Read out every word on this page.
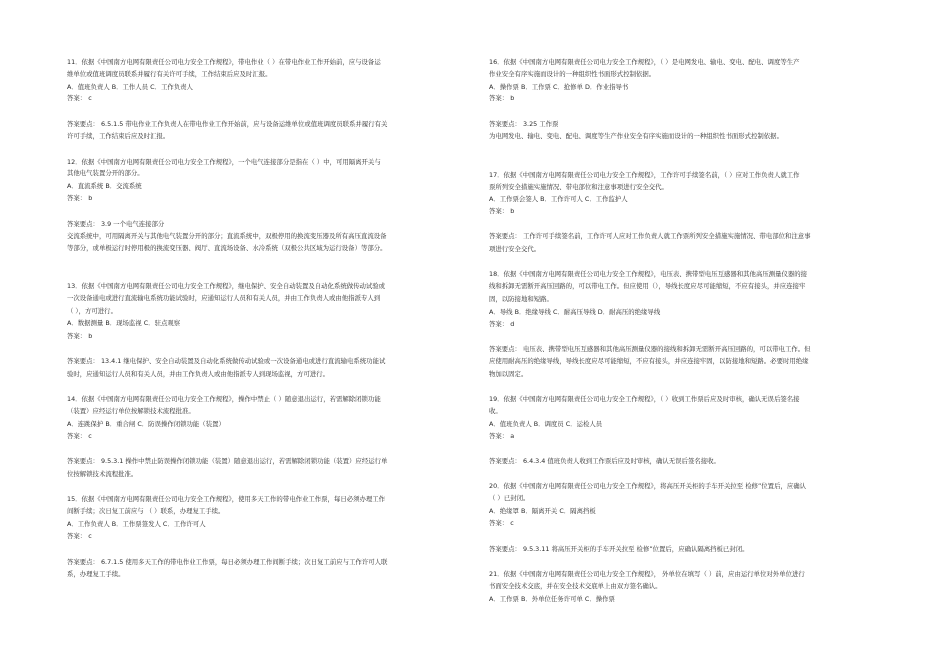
11．依据《中国南方电网有限责任公司电力安全工作规程》，带电作业（ ）在带电作业工作开始前，应与设备运
维单位或值班调度员联系并履行有关许可手续，工作结束后应及时汇报。
A．值班负责人 B．工作人员 C．工作负责人
答案： c
答案要点： 6.5.1.5 带电作业工作负责人在带电作业工作开始前，应与设备运维单位或值班调度员联系并履行有关
许可手续，工作结束后应及时汇报。
12．依据《中国南方电网有限责任公司电力安全工作规程》，一个电气连接部分是指在（ ）中，可用隔离开关与
其他电气装置分开的部分。
A．直流系统 B．交流系统
答案： b
答案要点： 3.9 一个电气连接部分
交流系统中，可用隔离开关与其他电气装置分开的部分；直流系统中，双极停用的换流变压器及所有高压直流设备
等部分，或单极运行时停用极的换流变压器、阀厅、直流场设备、水冷系统（双极公共区域为运行设备）等部分。
13．依据《中国南方电网有限责任公司电力安全工作规程》，继电保护、安全自动装置及自动化系统做传动试验或
一次设备通电或进行直流输电系统功能试验时，应通知运行人员和有关人员，并由工作负责人或由他指派专人到
（ ），方可进行。
A．数据测量 B．现场监视 C．驻点观察
答案： b
答案要点： 13.4.1 继电保护、安全自动装置及自动化系统做传动试验或一次设备通电或进行直流输电系统功能试
验时，应通知运行人员和有关人员，并由工作负责人或由他指派专人到现场监视，方可进行。
14．依据《中国南方电网有限责任公司电力安全工作规程》，操作中禁止（ ）随意退出运行，若需解除闭锁功能
（装置）应经运行单位按解锁技术流程批准。
A．连跳保护 B．重合闸 C．防误操作闭锁功能（装置）
答案： c
答案要点： 9.5.3.1 操作中禁止防误操作闭锁功能（装置）随意退出运行，若需解除闭锁功能（装置）应经运行单
位按解锁技术流程批准。
15．依据《中国南方电网有限责任公司电力安全工作规程》，使用多天工作的带电作业工作票，每日必须办理工作
间断手续；次日复工前应与 （ ）联系，办理复工手续。
A．工作负责人 B．工作票签发人 C．工作许可人
答案： c
答案要点： 6.7.1.5 使用多天工作的带电作业工作票，每日必须办理工作间断手续；次日复工前应与工作许可人联
系，办理复工手续。
16．依据《中国南方电网有限责任公司电力安全工作规程》，（ ）是电网发电、输电、变电、配电、调度等生产
作业安全有序实施而设计的一种组织性书面形式控制依据。
A．操作票 B．工作票 C．抢修单 D．作业指导书
答案： b
答案要点： 3.25 工作票
为电网发电、输电、变电、配电、调度等生产作业安全有序实施而设计的一种组织性书面形式控制依据。
17．依据《中国南方电网有限责任公司电力安全工作规程》，工作许可手续签名前，（ ）应对工作负责人就工作
票所列安全措施实施情况、带电部位和注意事项进行安全交代。
A．工作票会签人 B．工作许可人 C．工作监护人
答案： b
答案要点： 工作许可手续签名前，工作许可人应对工作负责人就工作票所列安全措施实施情况、带电部位和注意事
项进行安全交代。
18．依据《中国南方电网有限责任公司电力安全工作规程》，电压表、携带型电压互感器和其他高压测量仪器的接
线和拆卸无需断开高压回路的，可以带电工作。但应使用（），导线长度应尽可能缩短，不应有接头，并应连接牢
固，以防接地和短路。
A．导线 B．绝缘导线 C．耐高压导线 D．耐高压的绝缘导线
答案： d
答案要点： 电压表、携带型电压互感器和其他高压测量仪器的接线和拆卸无需断开高压回路的，可以带电工作。但
应使用耐高压的绝缘导线，导线长度应尽可能缩短，不应有接头，并应连接牢固，以防接地和短路。必要时用绝缘
物加以固定。
19．依据《中国南方电网有限责任公司电力安全工作规程》，（ ）收到工作票后应及时审核，确认无误后签名接
收。
A．值班负责人 B．调度员 C．运检人员
答案： a
答案要点： 6.4.3.4 值班负责人收到工作票后应及时审核，确认无误后签名接收。
20．依据《中国南方电网有限责任公司电力安全工作规程》，将高压开关柜的手车开关拉至 检修”位置后，应确认
（ ）已封闭。
A．绝缘罩 B．隔离开关 C．隔离挡板
答案： c
答案要点： 9.5.3.11 将高压开关柜的手车开关拉至 检修”位置后，应确认隔离挡板已封闭。
21．依据《中国南方电网有限责任公司电力安全工作规程》， 外单位在填写（ ）前，应由运行单位对外单位进行
书面安全技术交底，并在安全技术交底单上由双方签名确认。
A．工作票 B．外单位任务许可单 C．操作票
